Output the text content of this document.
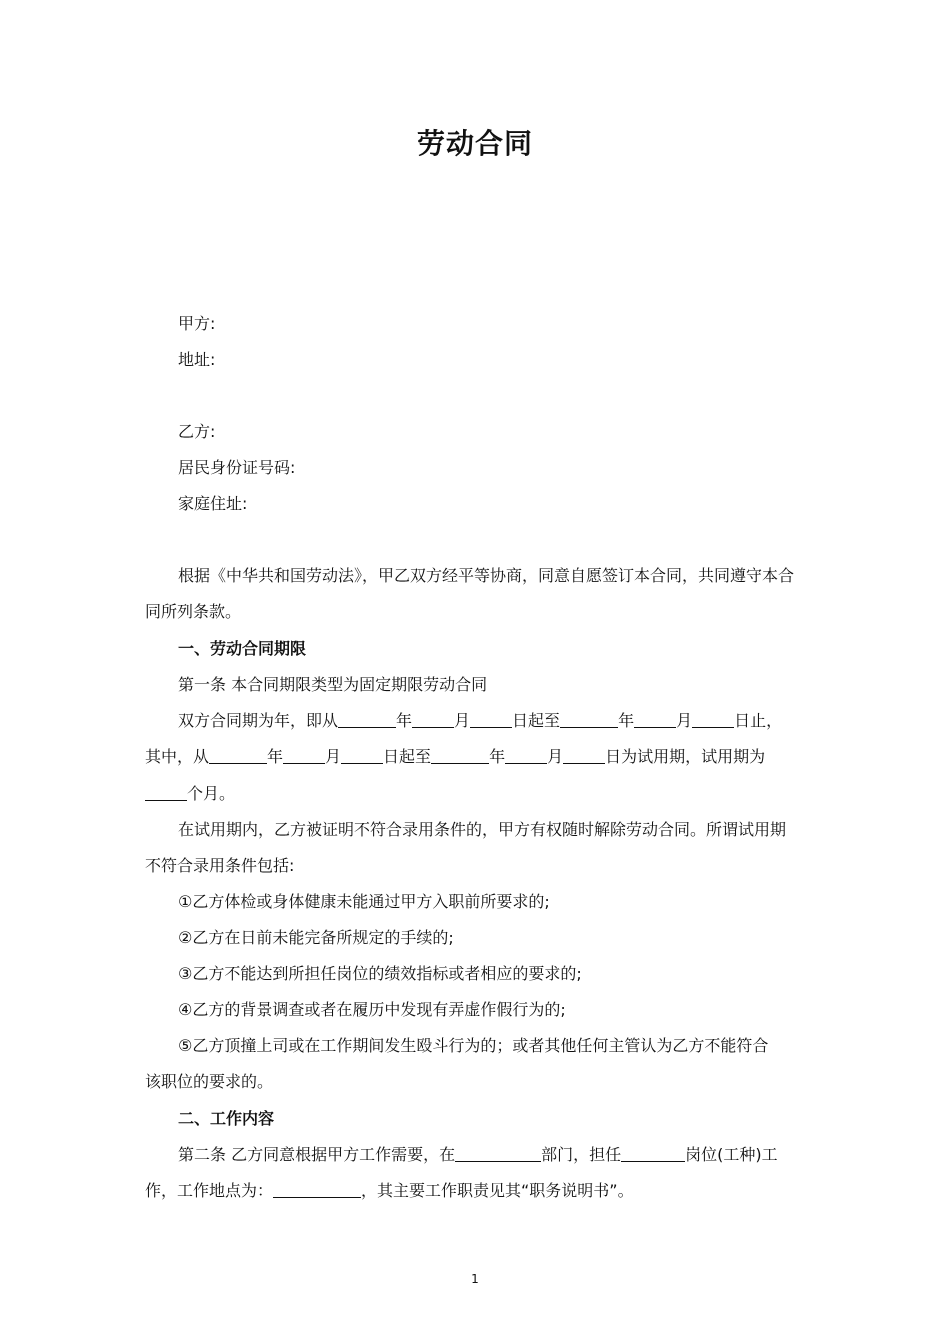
劳动合同
甲方:
地址:
乙方:
居民身份证号码:
家庭住址:
根据《中华共和国劳动法》，甲乙双方经平等协商，同意自愿签订本合同，共同遵守本合
同所列条款。
一、劳动合同期限
第一条 本合同期限类型为固定期限劳动合同
双方合同期为年，即从	年	月	日起至	年	月	日止，
其中，从	年	月	日起至	年	月	日为试用期，试用期为
个月。
在试用期内，乙方被证明不符合录用条件的，甲方有权随时解除劳动合同。所谓试用期
不符合录用条件包括:
①乙方体检或身体健康未能通过甲方入职前所要求的;
②乙方在日前未能完备所规定的手续的;
③乙方不能达到所担任岗位的绩效指标或者相应的要求的;
④乙方的背景调查或者在履历中发现有弄虚作假行为的;
⑤乙方顶撞上司或在工作期间发生殴斗行为的；或者其他任何主管认为乙方不能符合
该职位的要求的。
二、工作内容
第二条 乙方同意根据甲方工作需要，在	部门，担任	岗位(工种)工
作，工作地点为：	，其主要工作职责见其“职务说明书”。
1
